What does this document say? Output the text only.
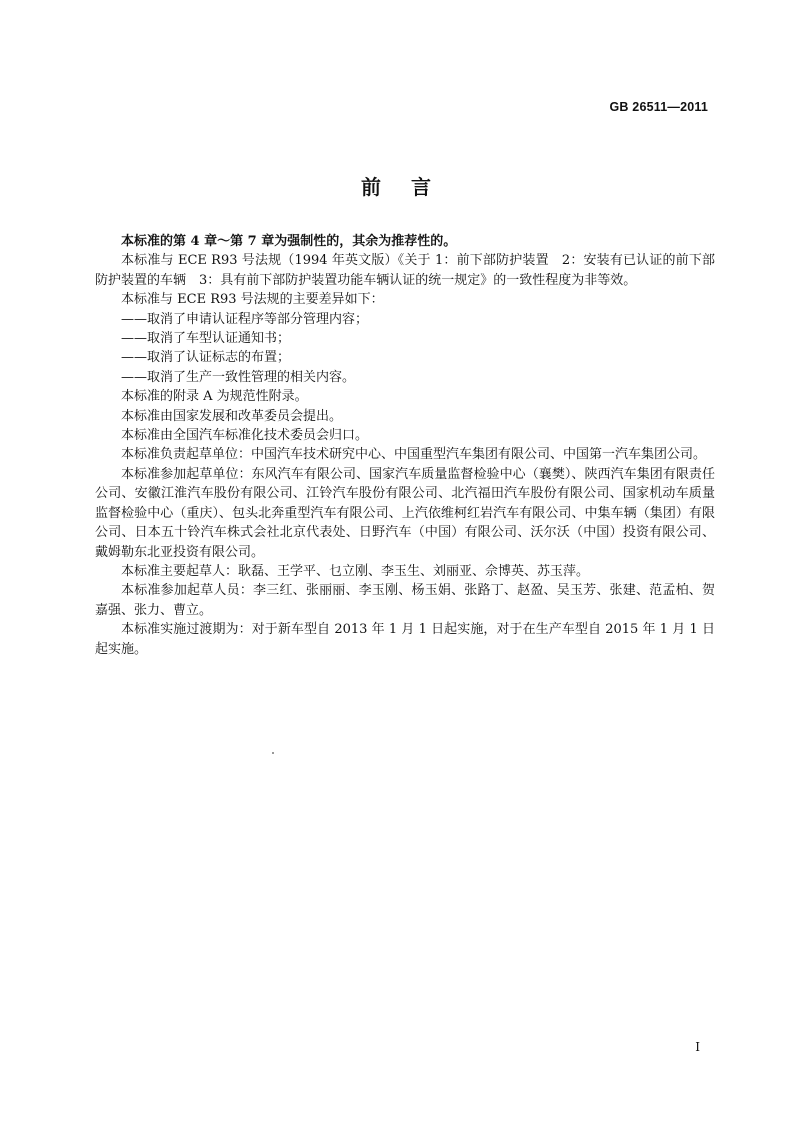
GB 26511—2011
前言

本标准的第 4 章～第 7 章为强制性的，其余为推荐性的。

本标准与 ECE R93 号法规（1994 年英文版）《关于 1：前下部防护装置　2：安装有已认证的前下部防护装置的车辆　3：具有前下部防护装置功能车辆认证的统一规定》的一致性程度为非等效。

本标准与 ECE R93 号法规的主要差异如下：

——取消了申请认证程序等部分管理内容；

——取消了车型认证通知书；

——取消了认证标志的布置；

——取消了生产一致性管理的相关内容。

本标准的附录 A 为规范性附录。

本标准由国家发展和改革委员会提出。

本标准由全国汽车标准化技术委员会归口。

本标准负责起草单位：中国汽车技术研究中心、中国重型汽车集团有限公司、中国第一汽车集团公司。

本标准参加起草单位：东风汽车有限公司、国家汽车质量监督检验中心（襄樊）、陕西汽车集团有限责任公司、安徽江淮汽车股份有限公司、江铃汽车股份有限公司、北汽福田汽车股份有限公司、国家机动车质量监督检验中心（重庆）、包头北奔重型汽车有限公司、上汽依维柯红岩汽车有限公司、中集车辆（集团）有限公司、日本五十铃汽车株式会社北京代表处、日野汽车（中国）有限公司、沃尔沃（中国）投资有限公司、戴姆勒东北亚投资有限公司。

本标准主要起草人：耿磊、王学平、乜立刚、李玉生、刘丽亚、佘博英、苏玉萍。

本标准参加起草人员：李三红、张丽丽、李玉刚、杨玉娟、张路丁、赵盈、吴玉芳、张建、范孟柏、贺嘉强、张力、曹立。

本标准实施过渡期为：对于新车型自 2013 年 1 月 1 日起实施，对于在生产车型自 2015 年 1 月 1 日起实施。

I
